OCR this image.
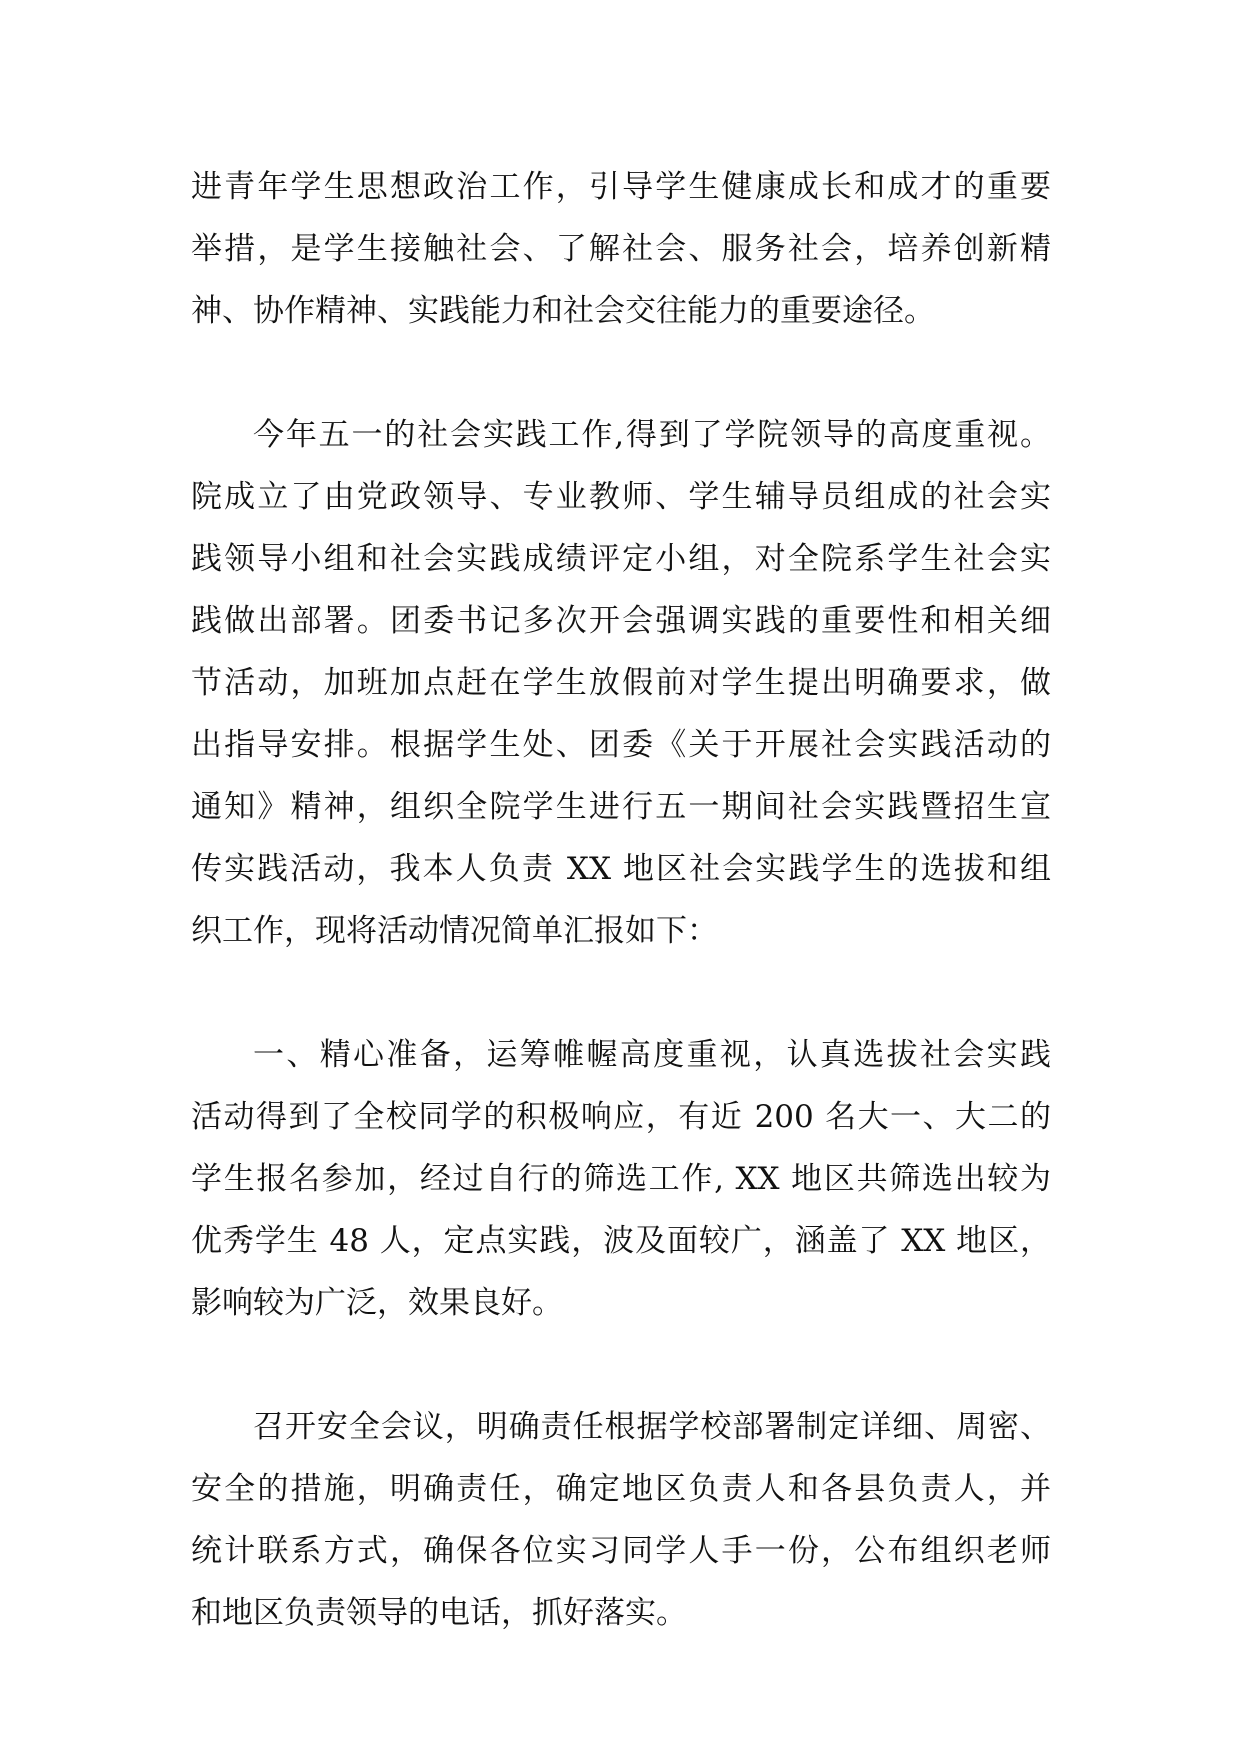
进青年学生思想政治工作，引导学生健康成长和成才的重要
举措，是学生接触社会、了解社会、服务社会，培养创新精
神、协作精神、实践能力和社会交往能力的重要途径。
今年五一的社会实践工作,得到了学院领导的高度重视。
院成立了由党政领导、专业教师、学生辅导员组成的社会实
践领导小组和社会实践成绩评定小组，对全院系学生社会实
践做出部署。团委书记多次开会强调实践的重要性和相关细
节活动，加班加点赶在学生放假前对学生提出明确要求，做
出指导安排。根据学生处、团委《关于开展社会实践活动的
通知》精神，组织全院学生进行五一期间社会实践暨招生宣
传实践活动，我本人负责 XX 地区社会实践学生的选拔和组
织工作，现将活动情况简单汇报如下：
一、精心准备，运筹帷幄高度重视，认真选拔社会实践
活动得到了全校同学的积极响应，有近 200 名大一、大二的
学生报名参加，经过自行的筛选工作, XX 地区共筛选出较为
优秀学生 48 人，定点实践，波及面较广，涵盖了 XX 地区，
影响较为广泛，效果良好。
召开安全会议，明确责任根据学校部署制定详细、周密、
安全的措施，明确责任，确定地区负责人和各县负责人，并
统计联系方式，确保各位实习同学人手一份，公布组织老师
和地区负责领导的电话，抓好落实。
